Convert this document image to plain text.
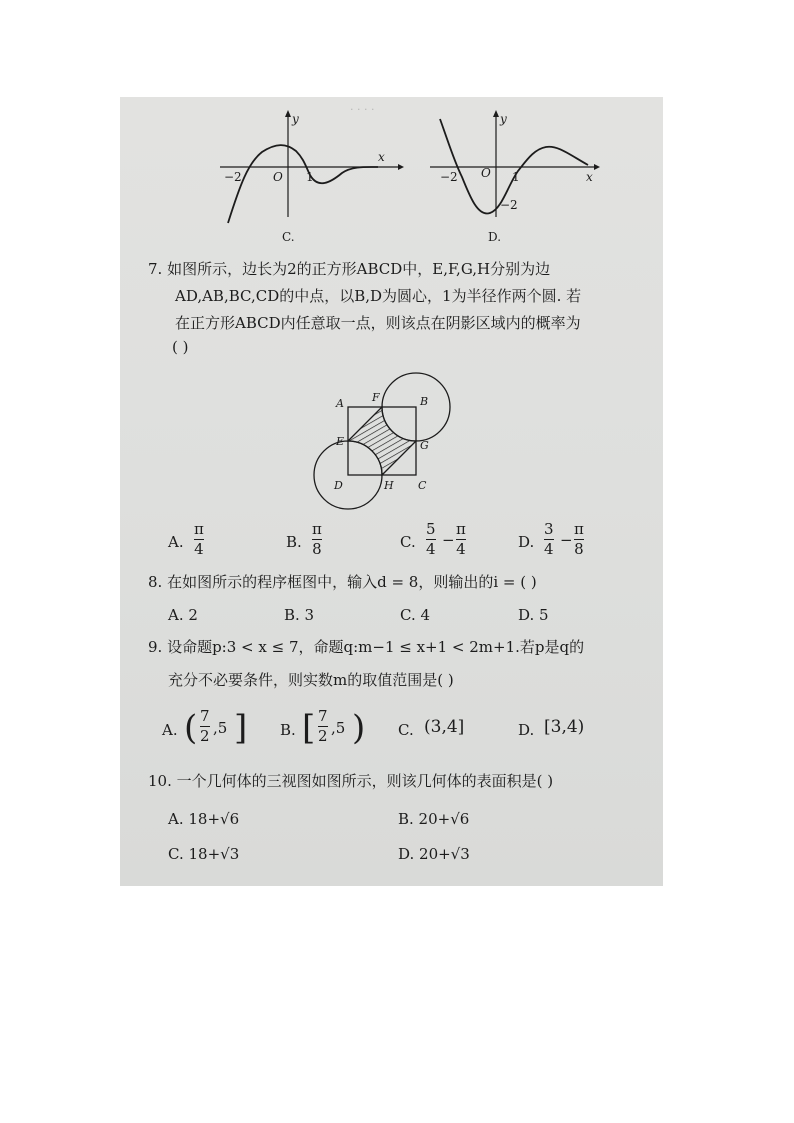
· · · ·
y
x
−2	O 1
C.
y
x
−2 O 1
−2
D.
7. 如图所示，边长为2的正方形ABCD中，E,F,G,H分别为边
AD,AB,BC,CD的中点，以B,D为圆心，1为半径作两个圆. 若
在正方形ABCD内任意取一点，则该点在阴影区域内的概率为
( )
A	F	B
E	G
D	H C
A.
π
4	B.
π
8	C.
5
4 −
π
4	D.
3
4 −
π
8
8. 在如图所示的程序框图中，输入d = 8，则输出的i = ( )
A. 2	B. 3	C. 4	D. 5
9. 设命题p:3 < x ≤ 7，命题q:m−1 ≤ x+1 < 2m+1.若p是q的
充分不必要条件，则实数m的取值范围是( )
A. ( 7
2 ,5 ] B. [ 7
2 ,5 ) C. (3,4]	D. [3,4)
10. 一个几何体的三视图如图所示，则该几何体的表面积是( )
A. 18+√6	B. 20+√6
C. 18+√3	D. 20+√3
